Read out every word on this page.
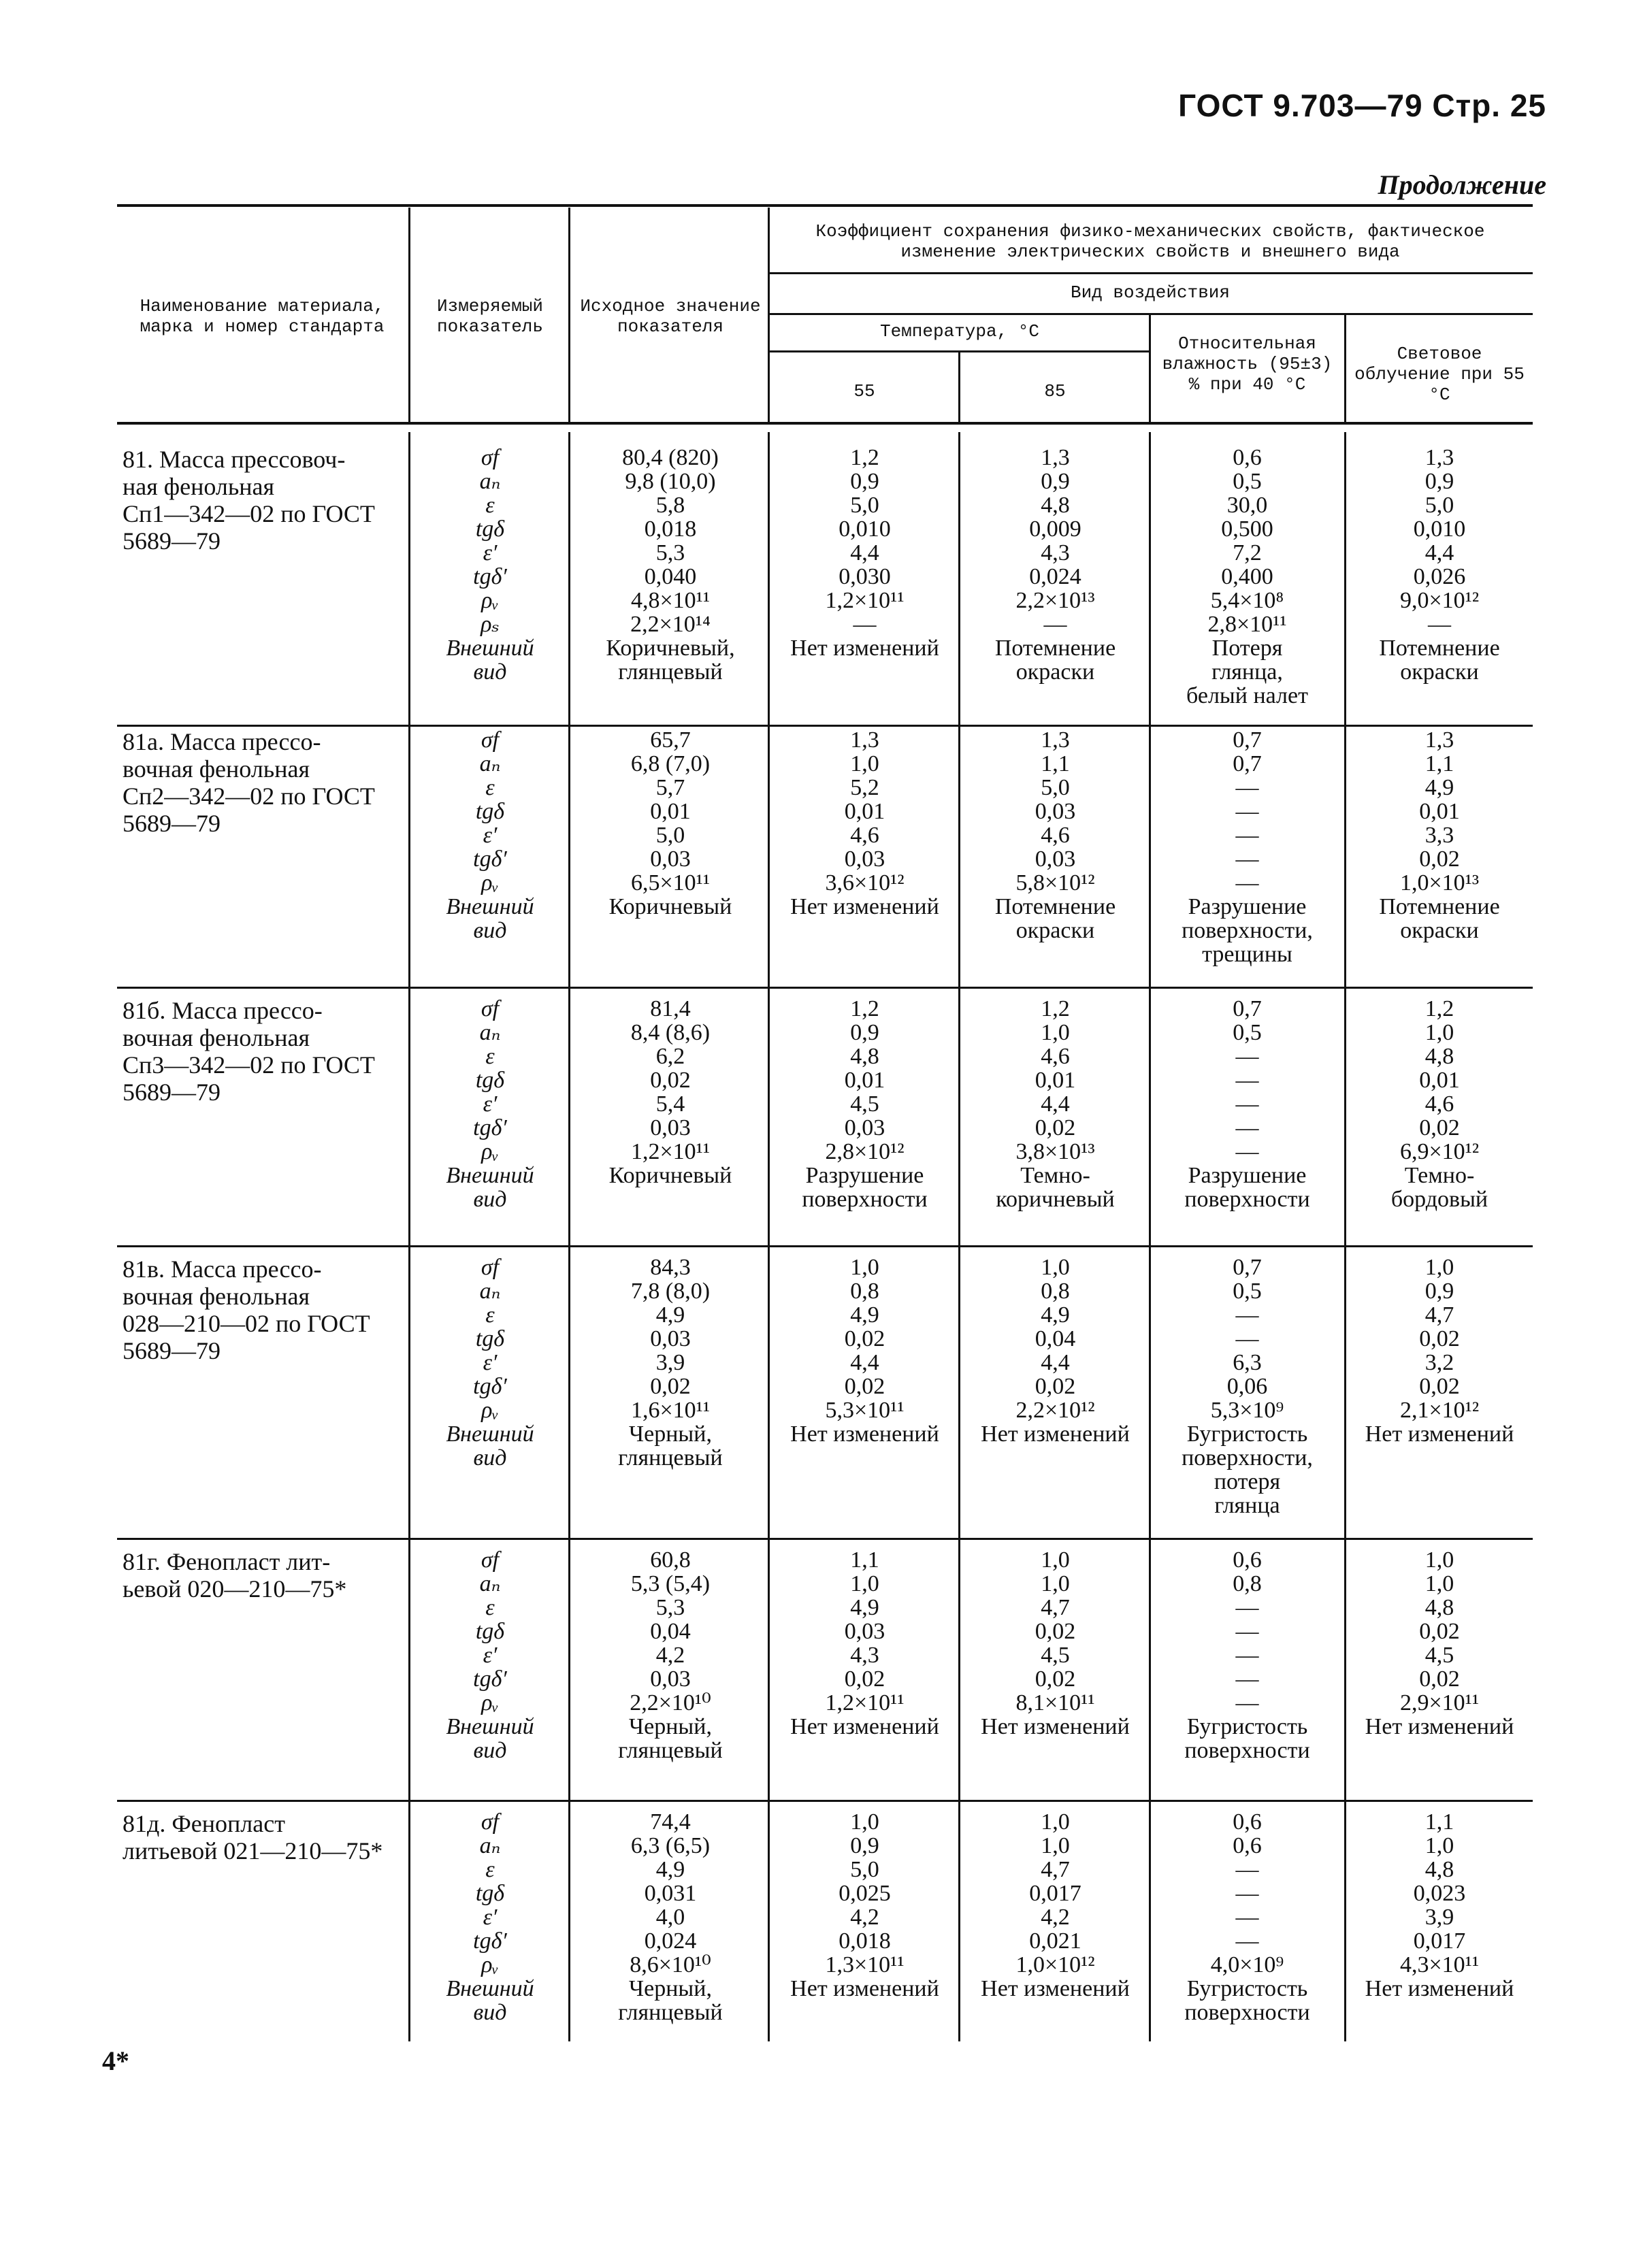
ГОСТ 9.703—79 Стр. 25
Продолжение
Наименование материала, марка и номер стандарта
Измеряемый показатель
Исходное значение показателя
Коэффициент сохранения физико-механических свойств, фактическое изменение электрических свойств и внешнего вида
Вид воздействия
Температура, °С
55	85
Относительная влажность (95±3) % при 40 °С
Световое облучение при 55 °С
81. Масса прессовоч-
ная фенольная
Сп1—342—02 по ГОСТ
5689—79
σf
aₙ
ε
tgδ
ε′
tgδ′
ρᵥ
ρₛ
Внешний
вид
80,4 (820)
9,8 (10,0)
5,8
0,018
5,3
0,040
4,8×10¹¹
2,2×10¹⁴
Коричневый,
глянцевый
1,2
0,9
5,0
0,010
4,4
0,030
1,2×10¹¹
—
Нет изменений
1,3
0,9
4,8
0,009
4,3
0,024
2,2×10¹³
—
Потемнение
окраски
0,6
0,5
30,0
0,500
7,2
0,400
5,4×10⁸
2,8×10¹¹
Потеря
глянца,
белый налет
1,3
0,9
5,0
0,010
4,4
0,026
9,0×10¹²
—
Потемнение
окраски
81а. Масса прессо-
вочная фенольная
Сп2—342—02 по ГОСТ
5689—79
σf
aₙ
ε
tgδ
ε′
tgδ′
ρᵥ
Внешний
вид
65,7
6,8 (7,0)
5,7
0,01
5,0
0,03
6,5×10¹¹
Коричневый
1,3
1,0
5,2
0,01
4,6
0,03
3,6×10¹²
Нет изменений
1,3
1,1
5,0
0,03
4,6
0,03
5,8×10¹²
Потемнение
окраски
0,7
0,7
—
—
—
—
—
Разрушение
поверхности,
трещины
1,3
1,1
4,9
0,01
3,3
0,02
1,0×10¹³
Потемнение
окраски
81б. Масса прессо-
вочная фенольная
Сп3—342—02 по ГОСТ
5689—79
σf
aₙ
ε
tgδ
ε′
tgδ′
ρᵥ
Внешний
вид
81,4
8,4 (8,6)
6,2
0,02
5,4
0,03
1,2×10¹¹
Коричневый
1,2
0,9
4,8
0,01
4,5
0,03
2,8×10¹²
Разрушение
поверхности
1,2
1,0
4,6
0,01
4,4
0,02
3,8×10¹³
Темно-
коричневый
0,7
0,5
—
—
—
—
—
Разрушение
поверхности
1,2
1,0
4,8
0,01
4,6
0,02
6,9×10¹²
Темно-
бордовый
81в. Масса прессо-
вочная фенольная
028—210—02 по ГОСТ
5689—79
σf
aₙ
ε
tgδ
ε′
tgδ′
ρᵥ
Внешний
вид
84,3
7,8 (8,0)
4,9
0,03
3,9
0,02
1,6×10¹¹
Черный,
глянцевый
1,0
0,8
4,9
0,02
4,4
0,02
5,3×10¹¹
Нет изменений
1,0
0,8
4,9
0,04
4,4
0,02
2,2×10¹²
Нет изменений
0,7
0,5
—
—
6,3
0,06
5,3×10⁹
Бугристость
поверхности,
потеря
глянца
1,0
0,9
4,7
0,02
3,2
0,02
2,1×10¹²
Нет изменений
81г. Фенопласт лит-
ьевой 020—210—75*
σf
aₙ
ε
tgδ
ε′
tgδ′
ρᵥ
Внешний
вид
60,8
5,3 (5,4)
5,3
0,04
4,2
0,03
2,2×10¹⁰
Черный,
глянцевый
1,1
1,0
4,9
0,03
4,3
0,02
1,2×10¹¹
Нет изменений
1,0
1,0
4,7
0,02
4,5
0,02
8,1×10¹¹
Нет изменений
0,6
0,8
—
—
—
—
—
Бугристость
поверхности
1,0
1,0
4,8
0,02
4,5
0,02
2,9×10¹¹
Нет изменений
81д. Фенопласт
литьевой 021—210—75*
σf
aₙ
ε
tgδ
ε′
tgδ′
ρᵥ
Внешний
вид
74,4
6,3 (6,5)
4,9
0,031
4,0
0,024
8,6×10¹⁰
Черный,
глянцевый
1,0
0,9
5,0
0,025
4,2
0,018
1,3×10¹¹
Нет изменений
1,0
1,0
4,7
0,017
4,2
0,021
1,0×10¹²
Нет изменений
0,6
0,6
—
—
—
—
4,0×10⁹
Бугристость
поверхности
1,1
1,0
4,8
0,023
3,9
0,017
4,3×10¹¹
Нет изменений
4*
